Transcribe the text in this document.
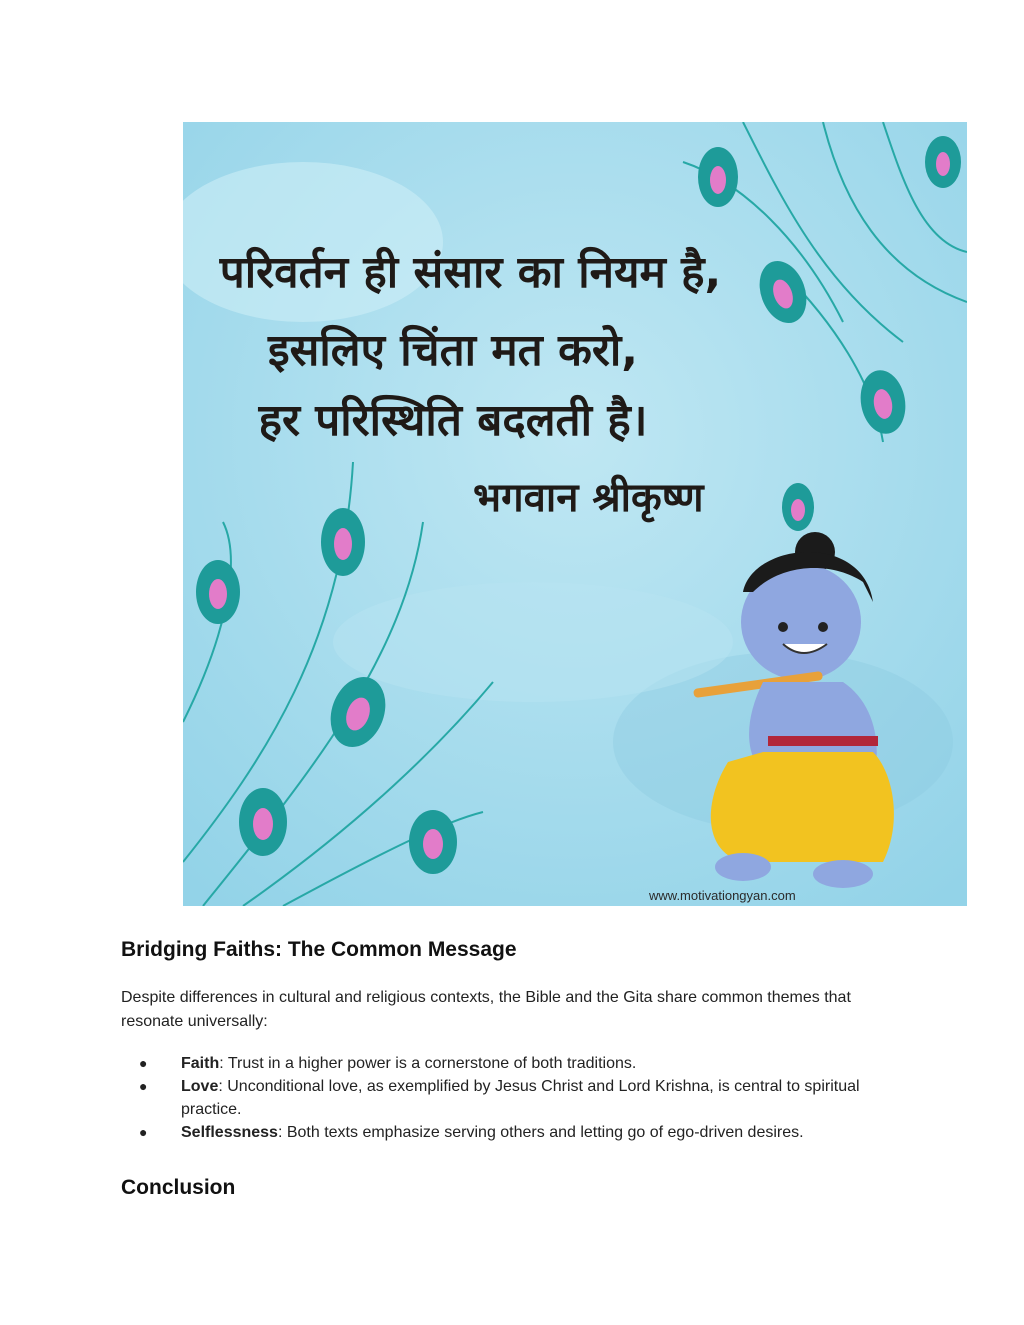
परिवर्तन ही संसार का नियम है,
इसलिए चिंता मत करो,
हर परिस्थिति बदलती है।
भगवान श्रीकृष्ण
www.motivationgyan.com
Bridging Faiths: The Common Message

Despite differences in cultural and religious contexts, the Bible and the Gita share common themes that resonate universally:

● Faith: Trust in a higher power is a cornerstone of both traditions.
● Love: Unconditional love, as exemplified by Jesus Christ and Lord Krishna, is central to spiritual practice.
● Selflessness: Both texts emphasize serving others and letting go of ego-driven desires.
Conclusion
